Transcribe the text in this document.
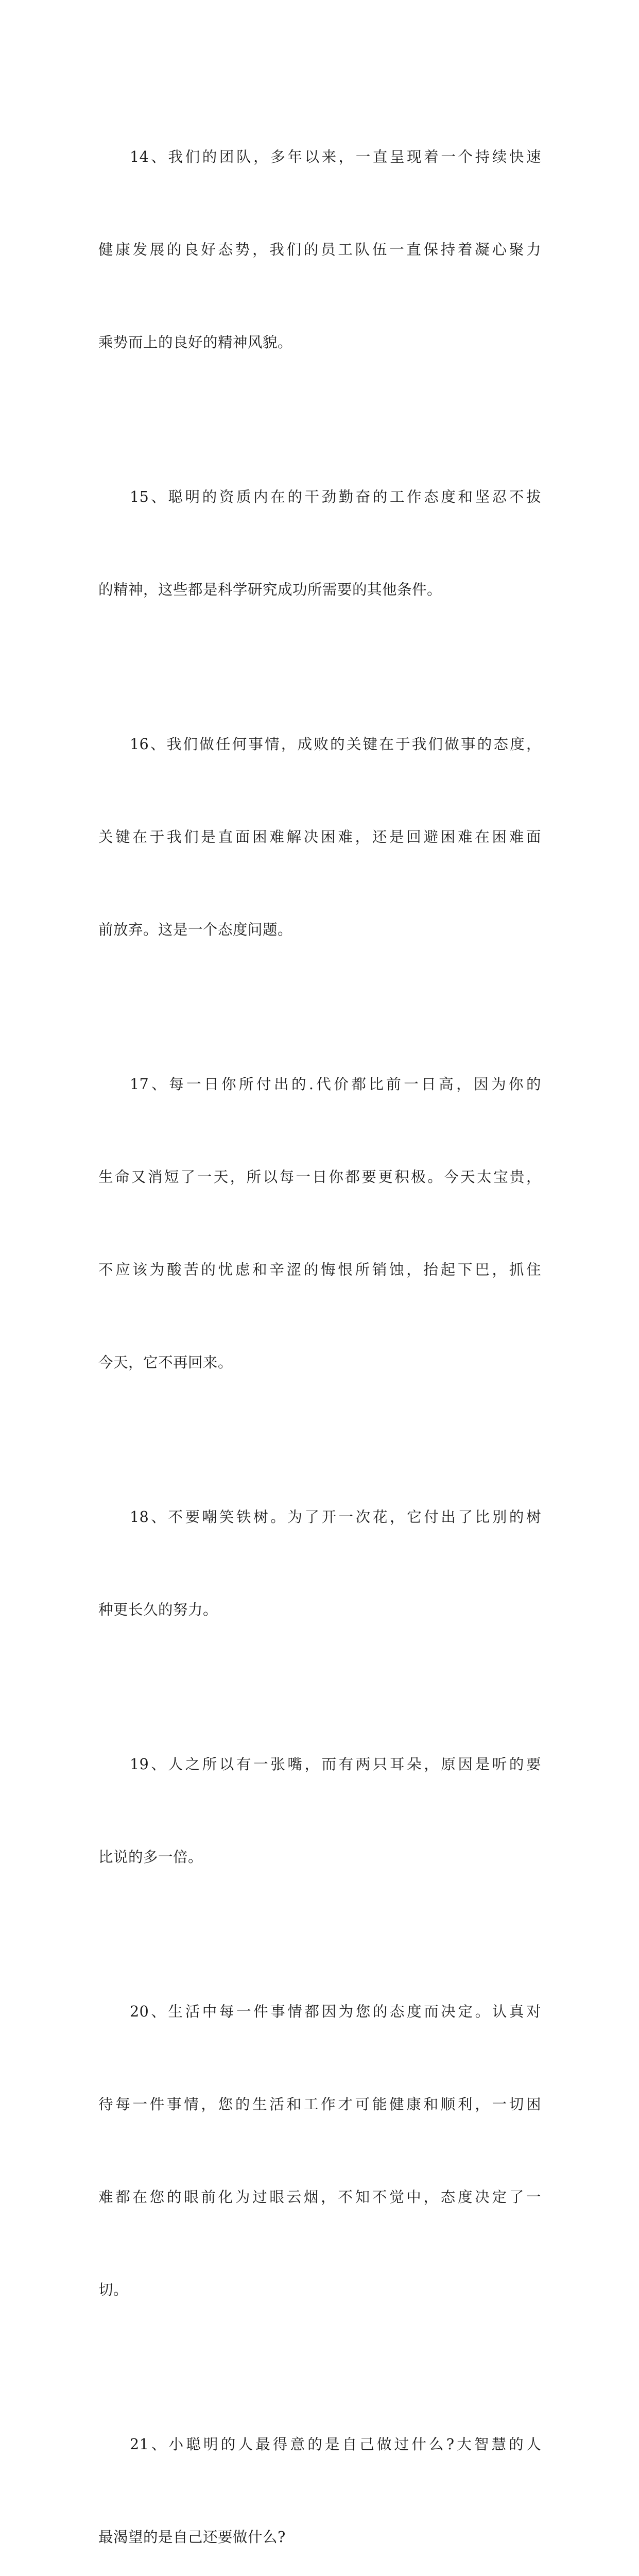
14、我们的团队，多年以来，一直呈现着一个持续快速

健康发展的良好态势，我们的员工队伍一直保持着凝心聚力

乘势而上的良好的精神风貌。

15、聪明的资质内在的干劲勤奋的工作态度和坚忍不拔

的精神，这些都是科学研究成功所需要的其他条件。

16、我们做任何事情，成败的关键在于我们做事的态度，

关键在于我们是直面困难解决困难，还是回避困难在困难面

前放弃。这是一个态度问题。

17、每一日你所付出的.代价都比前一日高，因为你的

生命又消短了一天，所以每一日你都要更积极。今天太宝贵，

不应该为酸苦的忧虑和辛涩的悔恨所销蚀，抬起下巴，抓住

今天，它不再回来。

18、不要嘲笑铁树。为了开一次花，它付出了比别的树

种更长久的努力。

19、人之所以有一张嘴，而有两只耳朵，原因是听的要

比说的多一倍。

20、生活中每一件事情都因为您的态度而决定。认真对

待每一件事情，您的生活和工作才可能健康和顺利，一切困

难都在您的眼前化为过眼云烟，不知不觉中，态度决定了一

切。

21、小聪明的人最得意的是自己做过什么?大智慧的人

最渴望的是自己还要做什么?
